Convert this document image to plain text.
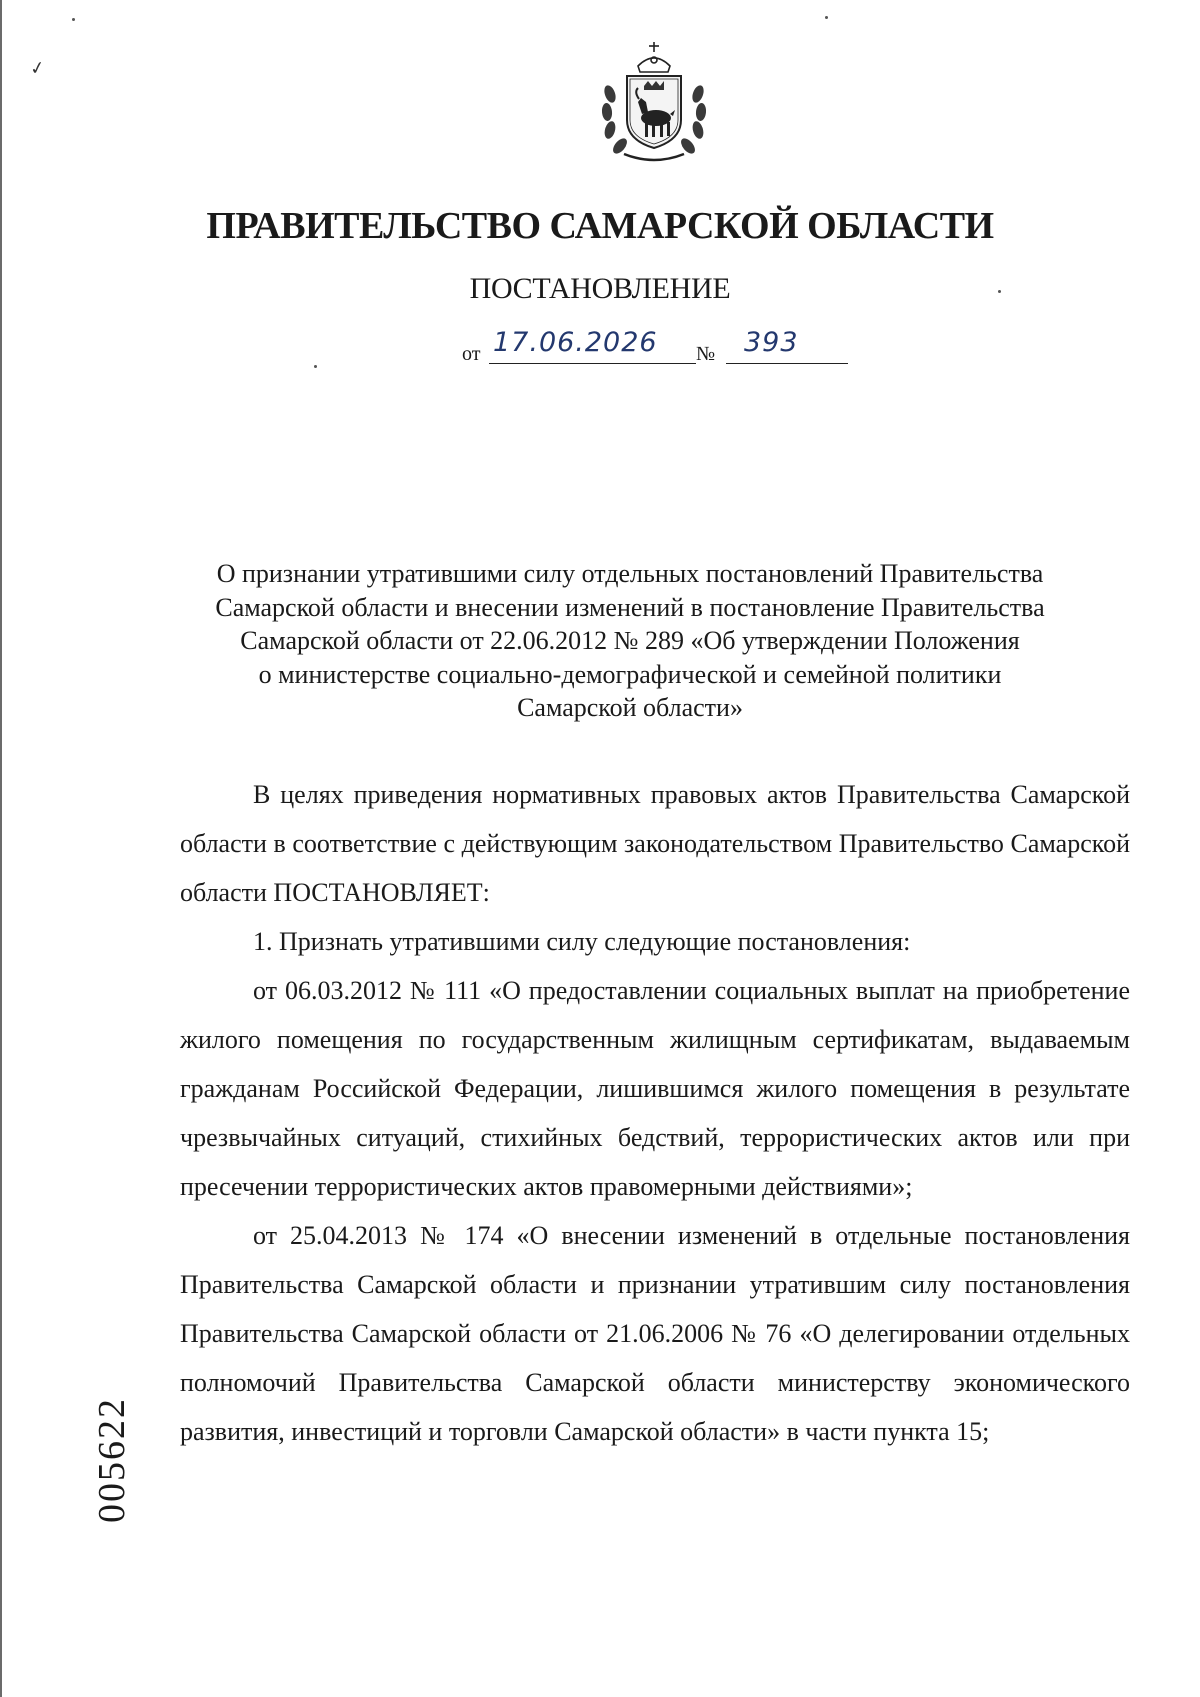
✓
ПРАВИТЕЛЬСТВО САМАРСКОЙ ОБЛАСТИ
ПОСТАНОВЛЕНИЕ
от 17.06.2026 № 393
О признании утратившими силу отдельных постановлений Правительства
Самарской области и внесении изменений в постановление Правительства
Самарской области от 22.06.2012 № 289 «Об утверждении Положения
о министерстве социально-демографической и семейной политики
Самарской области»

В целях приведения нормативных правовых актов Правительства Самарской области в соответствие с действующим законодательством Правительство Самарской области ПОСТАНОВЛЯЕТ:

1. Признать утратившими силу следующие постановления:

от 06.03.2012 № 111 «О предоставлении социальных выплат на приобретение жилого помещения по государственным жилищным сертификатам, выдаваемым гражданам Российской Федерации, лишившимся жилого помещения в результате чрезвычайных ситуаций, стихийных бедствий, террористических актов или при пресечении террористических актов правомерными действиями»;

от 25.04.2013 № 174 «О внесении изменений в отдельные постановления Правительства Самарской области и признании утратившим силу постановления Правительства Самарской области от 21.06.2006 № 76 «О делегировании отдельных полномочий Правительства Самарской области министерству экономического развития, инвестиций и торговли Самарской области» в части пункта 15;

005622
